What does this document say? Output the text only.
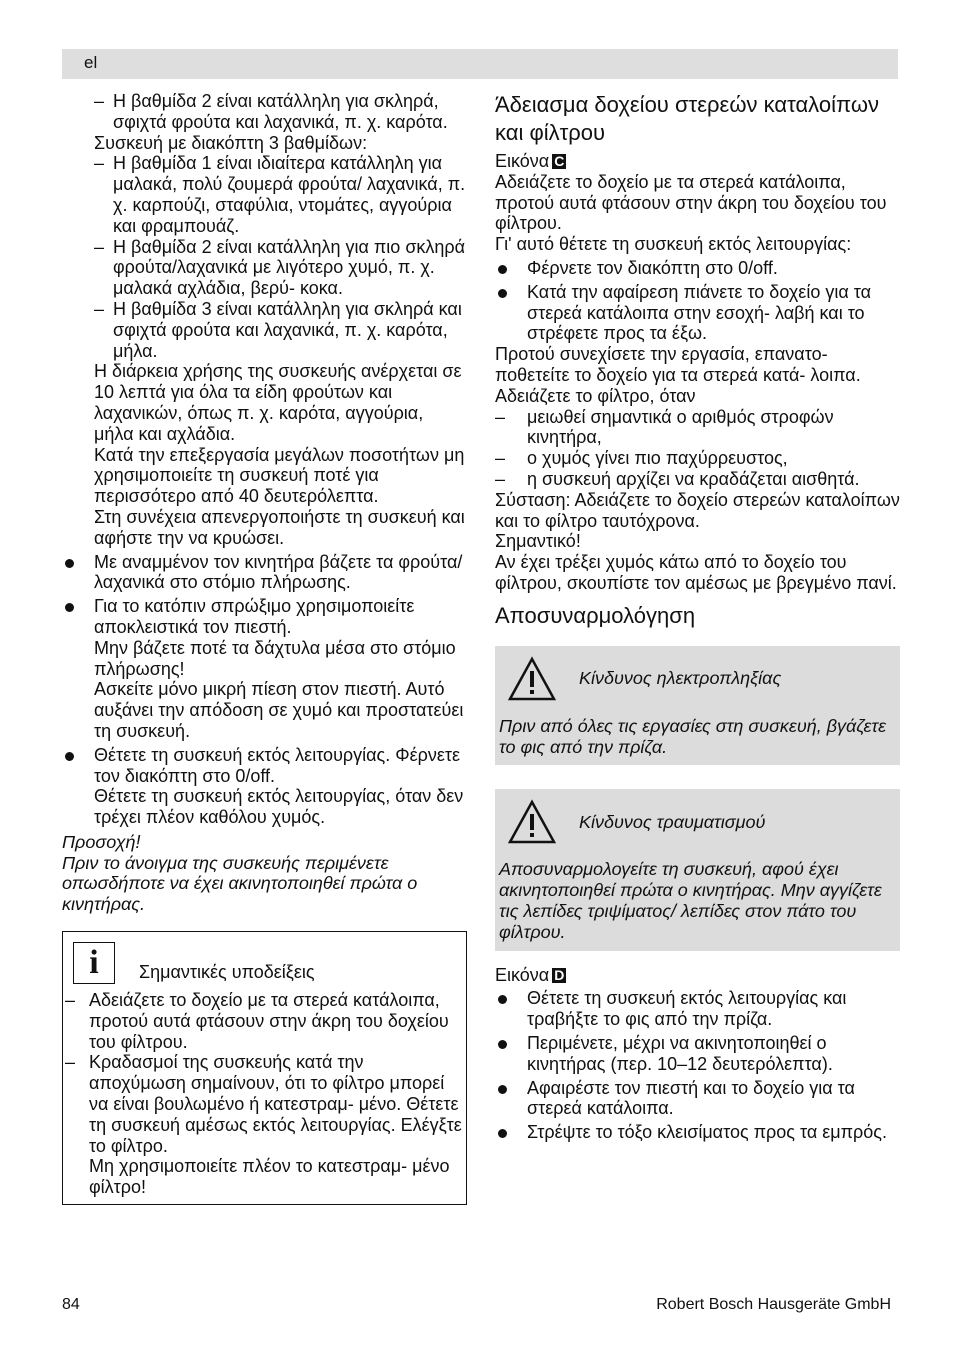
el
– Η βαθμίδα 2 είναι κατάλληλη για σκληρά, σφιχτά φρούτα και λαχανικά, π. χ. καρότα.
Συσκευή με διακόπτη 3 βαθμίδων:
– Η βαθμίδα 1 είναι ιδιαίτερα κατάλληλη για μαλακά, πολύ ζουμερά φρούτα/ λαχανικά, π. χ. καρπούζι, σταφύλια, ντομάτες, αγγούρια και φραμπουάζ.
– Η βαθμίδα 2 είναι κατάλληλη για πιο σκληρά φρούτα/λαχανικά με λιγότερο χυμό, π. χ. μαλακά αχλάδια, βερύ- κοκα.
– Η βαθμίδα 3 είναι κατάλληλη για σκληρά και σφιχτά φρούτα και λαχανικά, π. χ. καρότα, μήλα.
Η διάρκεια χρήσης της συσκευής ανέρχεται σε 10 λεπτά για όλα τα είδη φρούτων και λαχανικών, όπως π. χ. καρότα, αγγούρια, μήλα και αχλάδια.
Κατά την επεξεργασία μεγάλων ποσοτήτων μη χρησιμοποιείτε τη συσκευή ποτέ για περισσότερο από 40 δευτερόλεπτα.
Στη συνέχεια απενεργοποιήστε τη συσκευή και αφήστε την να κρυώσει.
Με αναμμένον τον κινητήρα βάζετε τα φρούτα/λαχανικά στο στόμιο πλήρωσης.
Για το κατόπιν σπρώξιμο χρησιμοποιείτε αποκλειστικά τον πιεστή.
Μην βάζετε ποτέ τα δάχτυλα μέσα στο στόμιο πλήρωσης!
Ασκείτε μόνο μικρή πίεση στον πιεστή. Αυτό αυξάνει την απόδοση σε χυμό και προστατεύει τη συσκευή.
Θέτετε τη συσκευή εκτός λειτουργίας. Φέρνετε τον διακόπτη στο 0/off.
Θέτετε τη συσκευή εκτός λειτουργίας, όταν δεν τρέχει πλέον καθόλου χυμός.
Προσοχή!
Πριν το άνοιγμα της συσκευής περιμένετε οπωσδήποτε να έχει ακινητοποιηθεί πρώτα ο κινητήρας.
i	Σημαντικές υποδείξεις
– Αδειάζετε το δοχείο με τα στερεά κατάλοιπα, προτού αυτά φτάσουν στην άκρη του δοχείου του φίλτρου.
– Κραδασμοί της συσκευής κατά την αποχύμωση σημαίνουν, ότι το φίλτρο μπορεί να είναι βουλωμένο ή κατεστραμ- μένο. Θέτετε τη συσκευή αμέσως εκτός λειτουργίας. Ελέγξτε το φίλτρο.
Μη χρησιμοποιείτε πλέον το κατεστραμ- μένο φίλτρο!
Άδειασμα δοχείου στερεών καταλοίπων και φίλτρου
Εικόνα C
Αδειάζετε το δοχείο με τα στερεά κατάλοιπα, προτού αυτά φτάσουν στην άκρη του δοχείου του φίλτρου.
Γι' αυτό θέτετε τη συσκευή εκτός λειτουργίας:
Φέρνετε τον διακόπτη στο 0/off.
Κατά την αφαίρεση πιάνετε το δοχείο για τα στερεά κατάλοιπα στην εσοχή- λαβή και το στρέφετε προς τα έξω.
Προτού συνεχίσετε την εργασία, επανατο- ποθετείτε το δοχείο για τα στερεά κατά- λοιπα.
Αδειάζετε το φίλτρο, όταν
– μειωθεί σημαντικά ο αριθμός στροφών κινητήρα,
– ο χυμός γίνει πιο παχύρρευστος,
– η συσκευή αρχίζει να κραδάζεται αισθητά.
Σύσταση: Αδειάζετε το δοχείο στερεών καταλοίπων και το φίλτρο ταυτόχρονα.
Σημαντικό!
Αν έχει τρέξει χυμός κάτω από το δοχείο του φίλτρου, σκουπίστε τον αμέσως με βρεγμένο πανί.
Αποσυναρμολόγηση
Κίνδυνος ηλεκτροπληξίας
Πριν από όλες τις εργασίες στη συσκευή, βγάζετε το φις από την πρίζα.
Κίνδυνος τραυματισμού
Αποσυναρμολογείτε τη συσκευή, αφού έχει ακινητοποιηθεί πρώτα ο κινητήρας. Μην αγγίζετε τις λεπίδες τριψίματος/ λεπίδες στον πάτο του φίλτρου.
Εικόνα D
Θέτετε τη συσκευή εκτός λειτουργίας και τραβήξτε το φις από την πρίζα.
Περιμένετε, μέχρι να ακινητοποιηθεί ο κινητήρας (περ. 10–12 δευτερόλεπτα).
Αφαιρέστε τον πιεστή και το δοχείο για τα στερεά κατάλοιπα.
Στρέψτε το τόξο κλεισίματος προς τα εμπρός.
84	Robert Bosch Hausgeräte GmbH
